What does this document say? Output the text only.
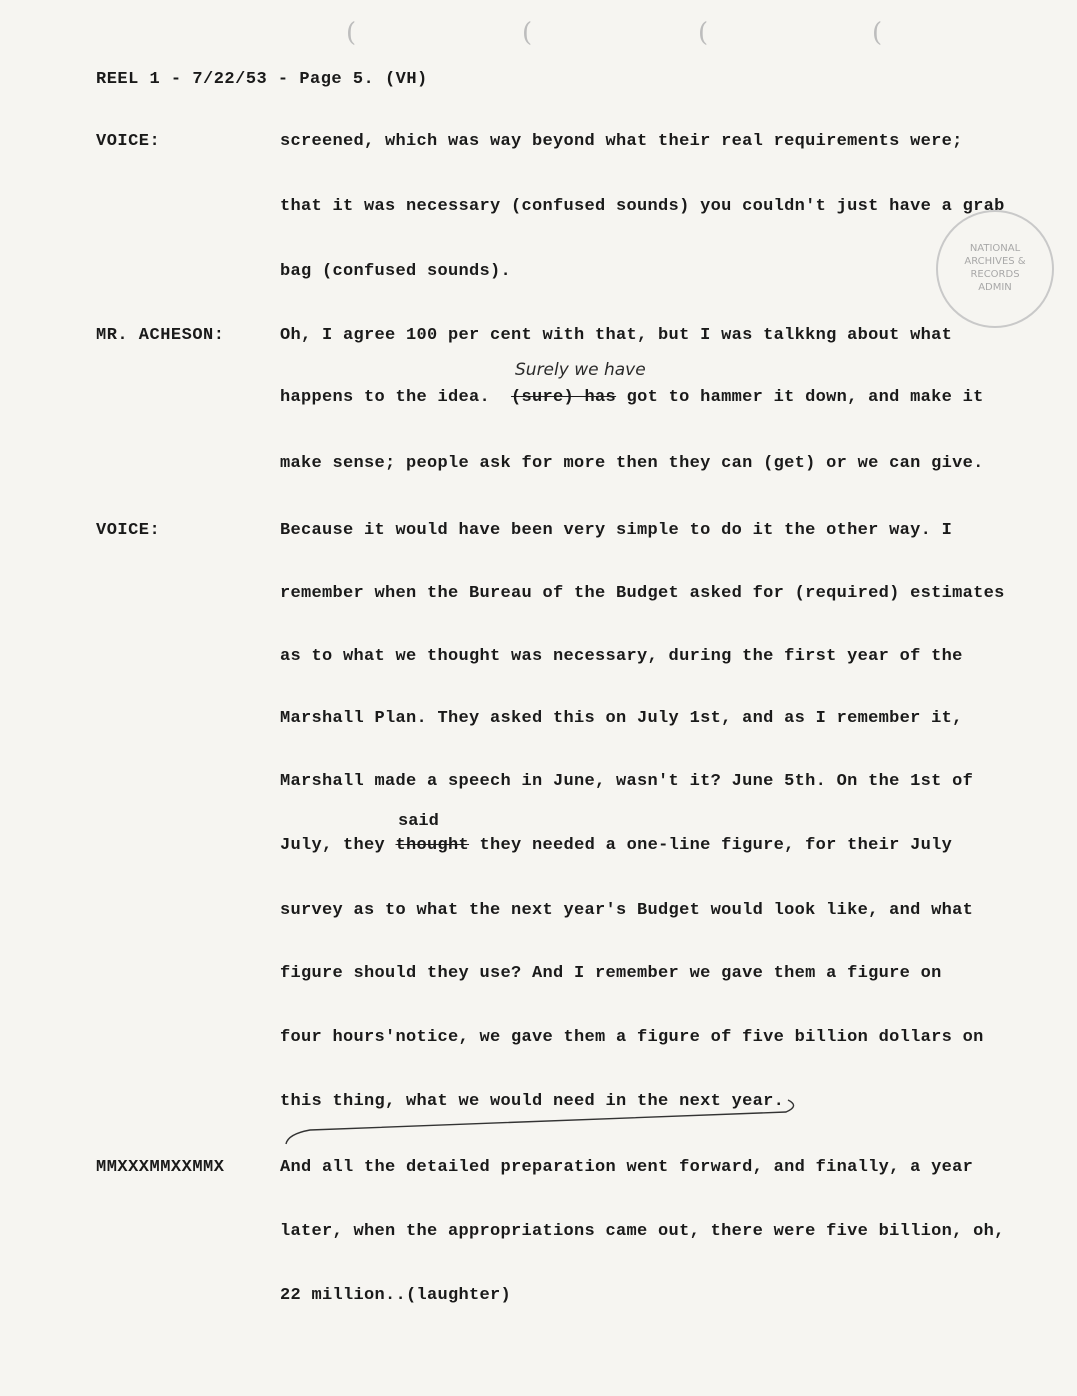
(	(	(	(
REEL 1 - 7/22/53 - Page 5. (VH)
NATIONAL
ARCHIVES &
RECORDS
ADMIN
VOICE:	screened, which was way beyond what their real requirements were;
that it was necessary (confused sounds) you couldn't just have a grab
bag (confused sounds).
MR. ACHESON:	Oh, I agree 100 per cent with that, but I was talkkng about what
Surely we have
happens to the idea.  (sure) has got to hammer it down, and make it
make sense; people ask for more then they can (get) or we can give.
VOICE:	Because it would have been very simple to do it the other way. I
remember when the Bureau of the Budget asked for (required) estimates
as to what we thought was necessary, during the first year of the
Marshall Plan. They asked this on July 1st, and as I remember it,
Marshall made a speech in June, wasn't it? June 5th. On the 1st of
said
July, they thought they needed a one-line figure, for their July
survey as to what the next year's Budget would look like, and what
figure should they use? And I remember we gave them a figure on
four hours'notice, we gave them a figure of five billion dollars on
this thing, what we would need in the next year.
MMXXXMMXXMMX	And all the detailed preparation went forward, and finally, a year
later, when the appropriations came out, there were five billion, oh,
22 million..(laughter)
